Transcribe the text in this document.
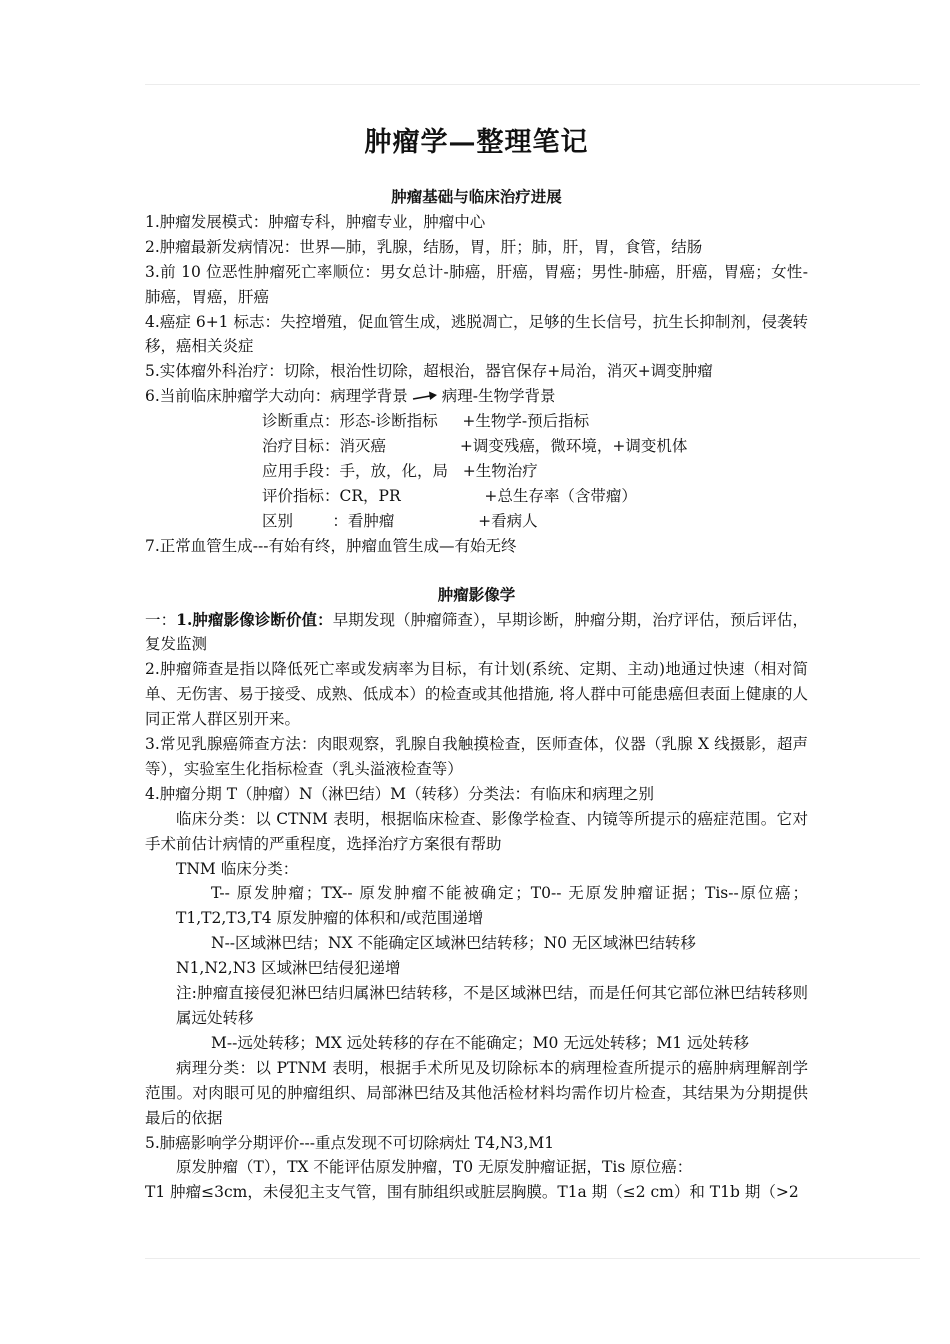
肿瘤学—整理笔记
肿瘤基础与临床治疗进展

1.肿瘤发展模式：肿瘤专科，肿瘤专业，肿瘤中心

2.肿瘤最新发病情况：世界—肺，乳腺，结肠，胃，肝；肺，肝，胃，食管，结肠

3.前 10 位恶性肿瘤死亡率顺位：男女总计-肺癌，肝癌，胃癌；男性-肺癌，肝癌，胃癌；女性-肺癌，胃癌，肝癌

4.癌症 6+1 标志：失控增殖，促血管生成，逃脱凋亡，足够的生长信号，抗生长抑制剂，侵袭转移，癌相关炎症

5.实体瘤外科治疗：切除，根治性切除，超根治，器官保存+局治，消灭+调变肿瘤

6.当前临床肿瘤学大动向：病理学背景 病理-生物学背景

诊断重点：形态-诊断指标     +生物学-预后指标

治疗目标：消灭癌               +调变残癌，微环境，+调变机体

应用手段：手，放，化，局   +生物治疗

评价指标：CR，PR                 +总生存率（含带瘤）

区别        ：看肿瘤                 +看病人

7.正常血管生成---有始有终，肿瘤血管生成—有始无终

肿瘤影像学

一：1.肿瘤影像诊断价值：早期发现（肿瘤筛查），早期诊断，肿瘤分期，治疗评估，预后评估，复发监测

2.肿瘤筛查是指以降低死亡率或发病率为目标，有计划(系统、定期、主动)地通过快速（相对简单、无伤害、易于接受、成熟、低成本）的检查或其他措施, 将人群中可能患癌但表面上健康的人同正常人群区别开来。

3.常见乳腺癌筛查方法：肉眼观察，乳腺自我触摸检查，医师查体，仪器（乳腺 X 线摄影，超声等），实验室生化指标检查（乳头溢液检查等）

4.肿瘤分期 T（肿瘤）N（淋巴结）M（转移）分类法：有临床和病理之别

临床分类：以 CTNM 表明，根据临床检查、影像学检查、内镜等所提示的癌症范围。它对手术前估计病情的严重程度，选择治疗方案很有帮助

TNM 临床分类：

T-- 原发肿瘤；TX-- 原发肿瘤不能被确定；T0-- 无原发肿瘤证据；Tis--原位癌；T1,T2,T3,T4 原发肿瘤的体积和/或范围递增

N--区域淋巴结；NX 不能确定区域淋巴结转移；N0 无区域淋巴结转移

N1,N2,N3 区域淋巴结侵犯递增

注:肿瘤直接侵犯淋巴结归属淋巴结转移，不是区域淋巴结，而是任何其它部位淋巴结转移则属远处转移

M--远处转移；MX 远处转移的存在不能确定；M0 无远处转移；M1 远处转移

病理分类：以 PTNM 表明，根据手术所见及切除标本的病理检查所提示的癌肿病理解剖学范围。对肉眼可见的肿瘤组织、局部淋巴结及其他活检材料均需作切片检查，其结果为分期提供最后的依据

5.肺癌影响学分期评价---重点发现不可切除病灶 T4,N3,M1

原发肿瘤（T），TX 不能评估原发肿瘤，T0 无原发肿瘤证据，Tis 原位癌：

T1 肿瘤≤3cm，未侵犯主支气管，围有肺组织或脏层胸膜。T1a 期（≤2 cm）和 T1b 期（>2
